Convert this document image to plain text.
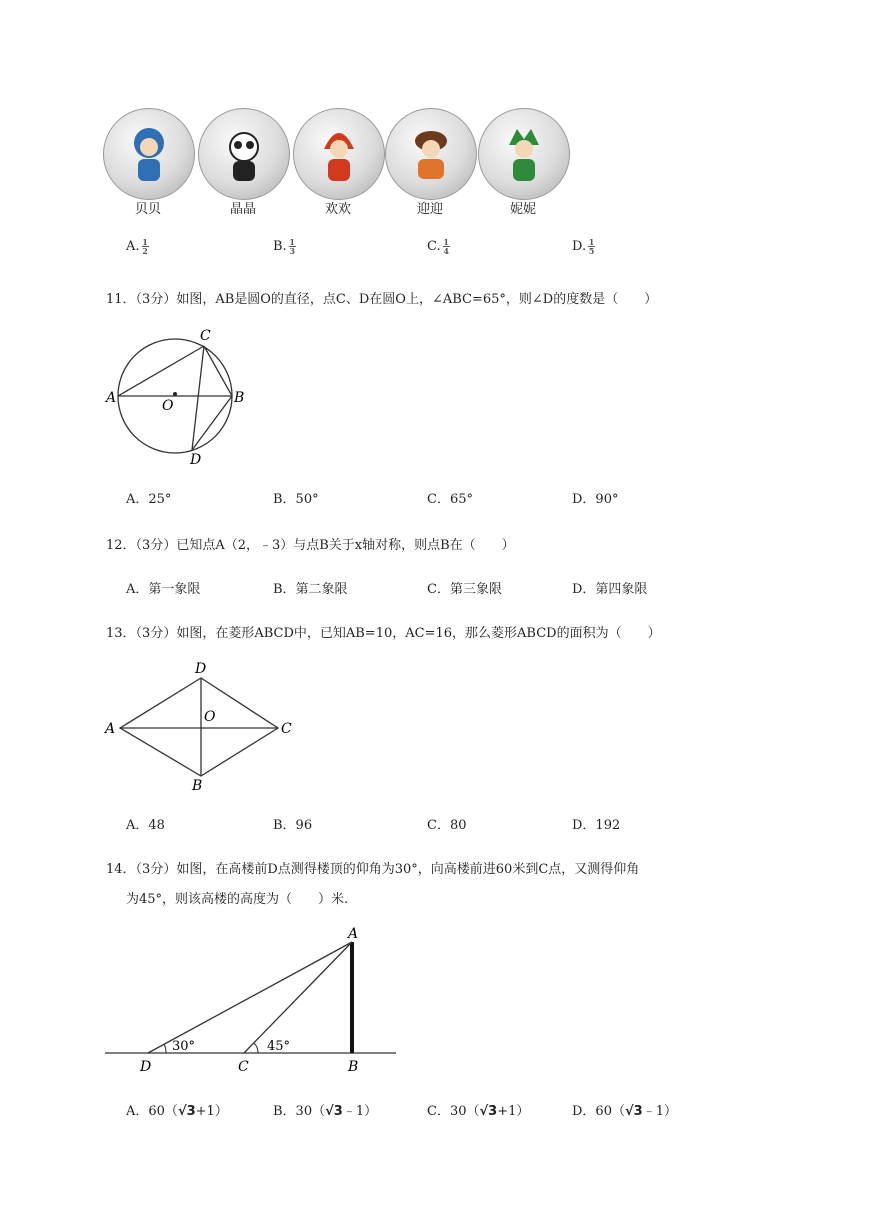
贝贝	晶晶	欢欢	迎迎	妮妮
A. $\frac{1}{2}$	B. $\frac{1}{3}$	C. $\frac{1}{4}$	D. $\frac{1}{5}$
11．（3分）如图，AB是圆O的直径，点C、D在圆O上，∠ABC=65°，则∠D的度数是（　　）
A	B
C
D
O
A．25°	B．50°	C．65°	D．90°
12．（3分）已知点A（2，﹣3）与点B关于x轴对称，则点B在（　　）
A．第一象限	B．第二象限	C．第三象限	D．第四象限
13．（3分）如图，在菱形ABCD中，已知AB=10，AC=16，那么菱形ABCD的面积为（　　）
A	C
D
B
O
A．48	B．96	C．80	D．192
14．（3分）如图，在高楼前D点测得楼顶的仰角为30°，向高楼前进60米到C点，又测得仰角
为45°，则该高楼的高度为（　　）米.
30°	45°
A
B
C
D
A．60（√3+1）	B．30（√3﹣1）	C．30（√3+1）	D．60（√3﹣1）
